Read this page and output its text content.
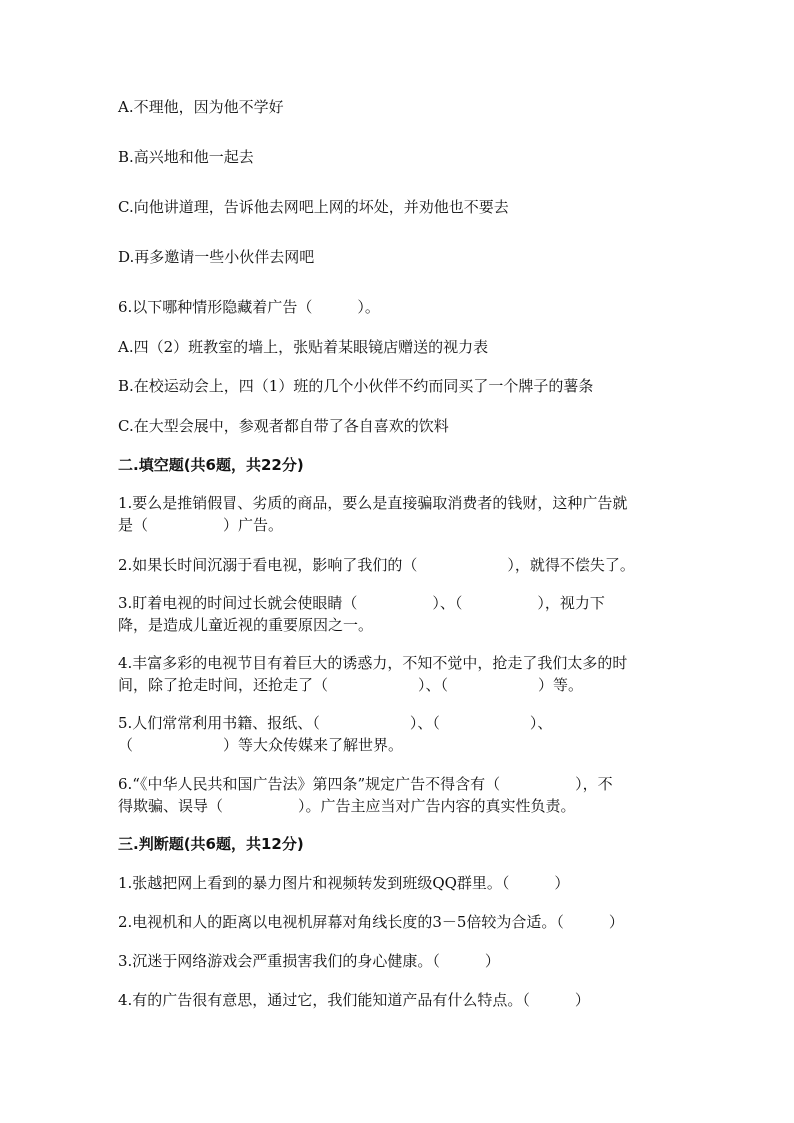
A.不理他，因为他不学好
B.高兴地和他一起去
C.向他讲道理，告诉他去网吧上网的坏处，并劝他也不要去
D.再多邀请一些小伙伴去网吧
6.以下哪种情形隐藏着广告（　　　）。
A.四（2）班教室的墙上，张贴着某眼镜店赠送的视力表
B.在校运动会上，四（1）班的几个小伙伴不约而同买了一个牌子的薯条
C.在大型会展中，参观者都自带了各自喜欢的饮料
二.填空题(共6题，共22分)
1.要么是推销假冒、劣质的商品，要么是直接骗取消费者的钱财，这种广告就
是（　　　　　）广告。
2.如果长时间沉溺于看电视，影响了我们的（　　　　　　），就得不偿失了。
3.盯着电视的时间过长就会使眼睛（　　　　　）、（　　　　　），视力下
降，是造成儿童近视的重要原因之一。
4.丰富多彩的电视节目有着巨大的诱惑力，不知不觉中，抢走了我们太多的时
间，除了抢走时间，还抢走了（　　　　　　）、（　　　　　　）等。
5.人们常常利用书籍、报纸、（　　　　　　）、（　　　　　　）、
（　　　　　　）等大众传媒来了解世界。
6.“《中华人民共和国广告法》第四条”规定广告不得含有（　　　　　），不
得欺骗、误导（　　　　　）。广告主应当对广告内容的真实性负责。
三.判断题(共6题，共12分)
1.张越把网上看到的暴力图片和视频转发到班级QQ群里。（　　　）
2.电视机和人的距离以电视机屏幕对角线长度的3－5倍较为合适。（　　　）
3.沉迷于网络游戏会严重损害我们的身心健康。（　　　）
4.有的广告很有意思，通过它，我们能知道产品有什么特点。（　　　）
